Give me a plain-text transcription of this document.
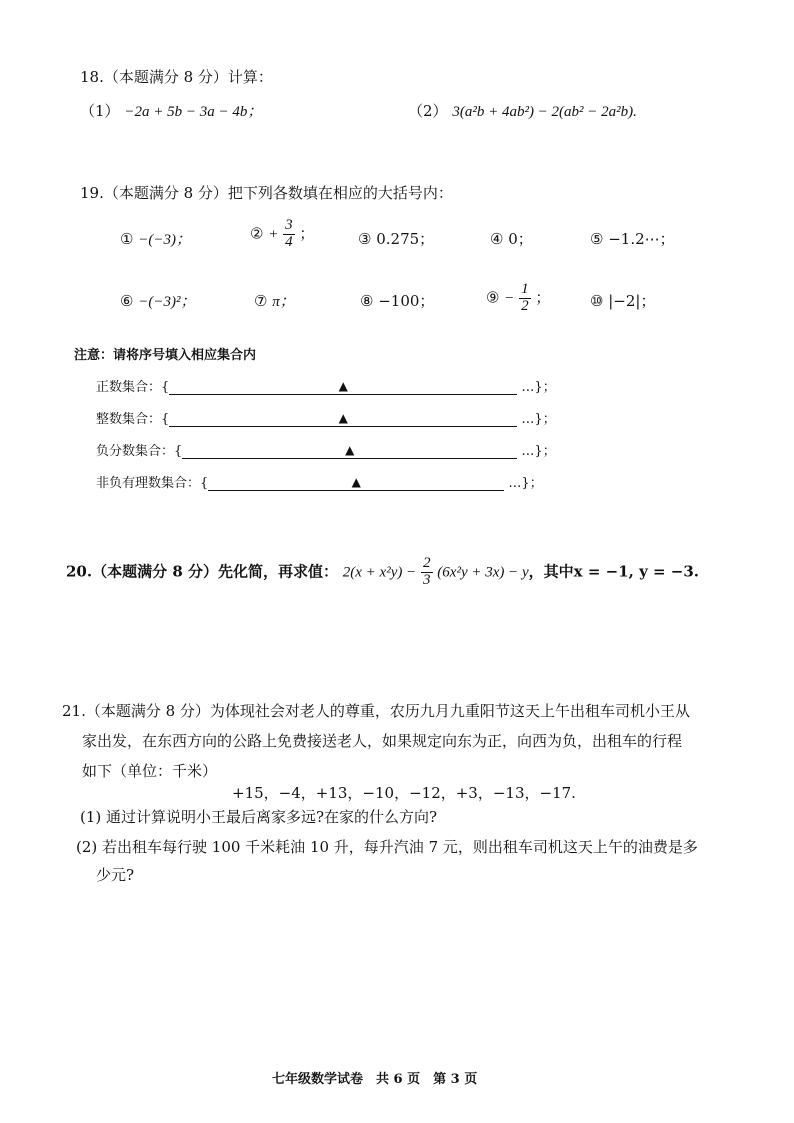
18.（本题满分 8 分）计算：
（1） −2a + 5b − 3a − 4b；	（2） 3(a²b + 4ab²) − 2(ab² − 2a²b).
19.（本题满分 8 分）把下列各数填在相应的大括号内：
① −(−3)；	② + $\frac{3}{4}$ ；	③ 0.275；	④ 0；	⑤ −1.2⋯；
⑥ −(−3)²；	⑦ π；	⑧ −100；	⑨ − $\frac{1}{2}$ ；	⑩ |−2|；
注意：请将序号填入相应集合内
正数集合：{	▲	…}；
整数集合：{	▲	…}；
负分数集合：{	▲	…}；
非负有理数集合：{	▲	…}；
20.（本题满分 8 分）先化简，再求值： $2(x + x^2y) - \frac{2}{3} (6x^2y + 3x) - y$，其中x = −1, y = −3.
21.（本题满分 8 分）为体现社会对老人的尊重，农历九月九重阳节这天上午出租车司机小王从
家出发，在东西方向的公路上免费接送老人，如果规定向东为正，向西为负，出租车的行程
如下（单位：千米）
+15，−4，+13，−10，−12，+3，−13，−17.
(1) 通过计算说明小王最后离家多远?在家的什么方向?
(2) 若出租车每行驶 100 千米耗油 10 升，每升汽油 7 元，则出租车司机这天上午的油费是多
少元?
七年级数学试卷　共 6 页　第 3 页
